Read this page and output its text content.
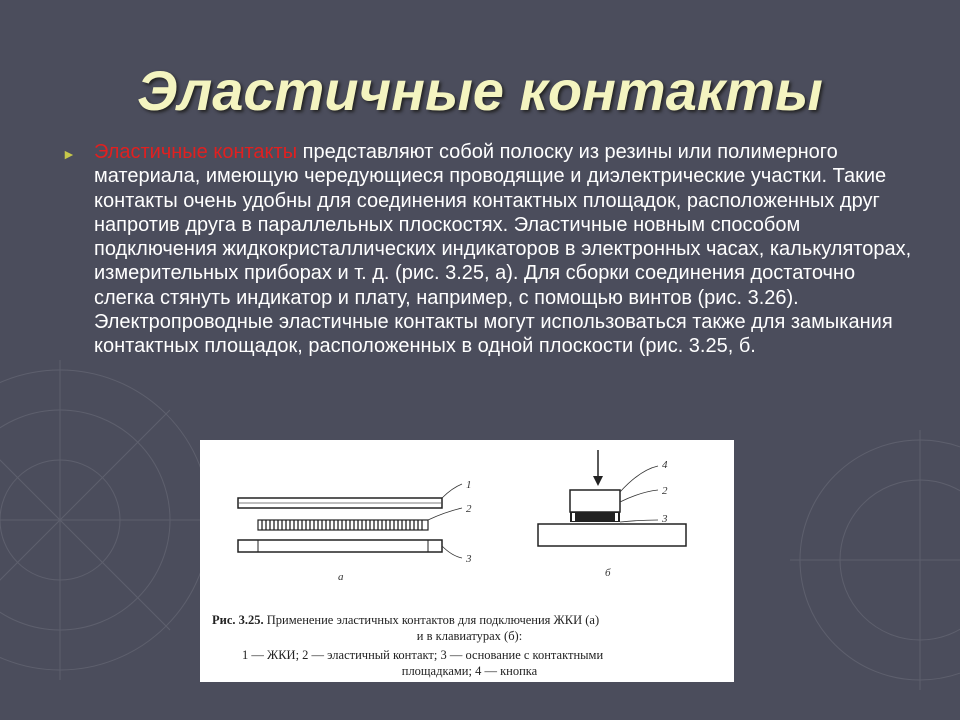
Эластичные контакты
► Эластичные контакты представляют собой полоску из резины или полимерного материала, имеющую чередующиеся проводящие и диэлектрические участки. Такие контакты очень удобны для соединения контактных площадок, расположенных друг напротив друга в параллельных плоскостях. Эластичные новным способом подключения жидкокристаллических индикаторов в электронных часах, калькуляторах, измерительных приборах и т. д. (рис. 3.25, а). Для сборки соединения достаточно слегка стянуть индикатор и плату, например, с помощью винтов (рис. 3.26). Электропроводные эластичные контакты могут использоваться также для замыкания контактных площадок, расположенных в одной плоскости (рис. 3.25, б.
1
2
3
а
4
2
3
б
Рис. 3.25. Применение эластичных контактов для подключения ЖКИ (а)
и в клавиатурах (б):
1 — ЖКИ; 2 — эластичный контакт; 3 — основание с контактными
площадками; 4 — кнопка
